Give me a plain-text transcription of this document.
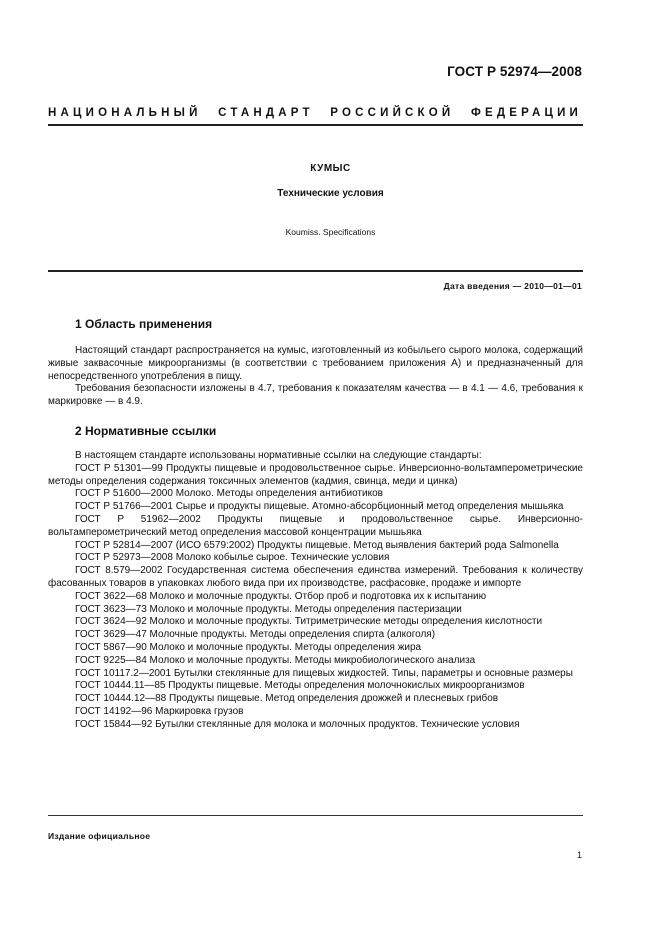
ГОСТ Р 52974—2008
НАЦИОНАЛЬНЫЙ СТАНДАРТ РОССИЙСКОЙ ФЕДЕРАЦИИ
КУМЫС
Технические условия
Koumiss. Specifications
Дата введения — 2010—01—01
1 Область применения

Настоящий стандарт распространяется на кумыс, изготовленный из кобыльего сырого молока, содержащий живые заквасочные микроорганизмы (в соответствии с требованием приложения А) и предназначенный для непосредственного употребления в пищу.

Требования безопасности изложены в 4.7, требования к показателям качества — в 4.1 — 4.6, требования к маркировке — в 4.9.

2 Нормативные ссылки

В настоящем стандарте использованы нормативные ссылки на следующие стандарты:

ГОСТ Р 51301—99 Продукты пищевые и продовольственное сырье. Инверсионно-вольтамперометрические методы определения содержания токсичных элементов (кадмия, свинца, меди и цинка)

ГОСТ Р 51600—2000 Молоко. Методы определения антибиотиков

ГОСТ Р 51766—2001 Сырье и продукты пищевые. Атомно-абсорбционный метод определения мышьяка

ГОСТ Р 51962—2002 Продукты пищевые и продовольственное сырье. Инверсионно-вольтамперометрический метод определения массовой концентрации мышьяка

ГОСТ Р 52814—2007 (ИСО 6579:2002) Продукты пищевые. Метод выявления бактерий рода Salmonella

ГОСТ Р 52973—2008 Молоко кобылье сырое. Технические условия

ГОСТ 8.579—2002 Государственная система обеспечения единства измерений. Требования к количеству фасованных товаров в упаковках любого вида при их производстве, расфасовке, продаже и импорте

ГОСТ 3622—68 Молоко и молочные продукты. Отбор проб и подготовка их к испытанию

ГОСТ 3623—73 Молоко и молочные продукты. Методы определения пастеризации

ГОСТ 3624—92 Молоко и молочные продукты. Титриметрические методы определения кислотности

ГОСТ 3629—47 Молочные продукты. Методы определения спирта (алкоголя)

ГОСТ 5867—90 Молоко и молочные продукты. Методы определения жира

ГОСТ 9225—84 Молоко и молочные продукты. Методы микробиологического анализа

ГОСТ 10117.2—2001 Бутылки стеклянные для пищевых жидкостей. Типы, параметры и основные размеры

ГОСТ 10444.11—85 Продукты пищевые. Методы определения молочнокислых микроорганизмов

ГОСТ 10444.12—88 Продукты пищевые. Метод определения дрожжей и плесневых грибов

ГОСТ 14192—96 Маркировка грузов

ГОСТ 15844—92 Бутылки стеклянные для молока и молочных продуктов. Технические условия

Издание официальное
1
